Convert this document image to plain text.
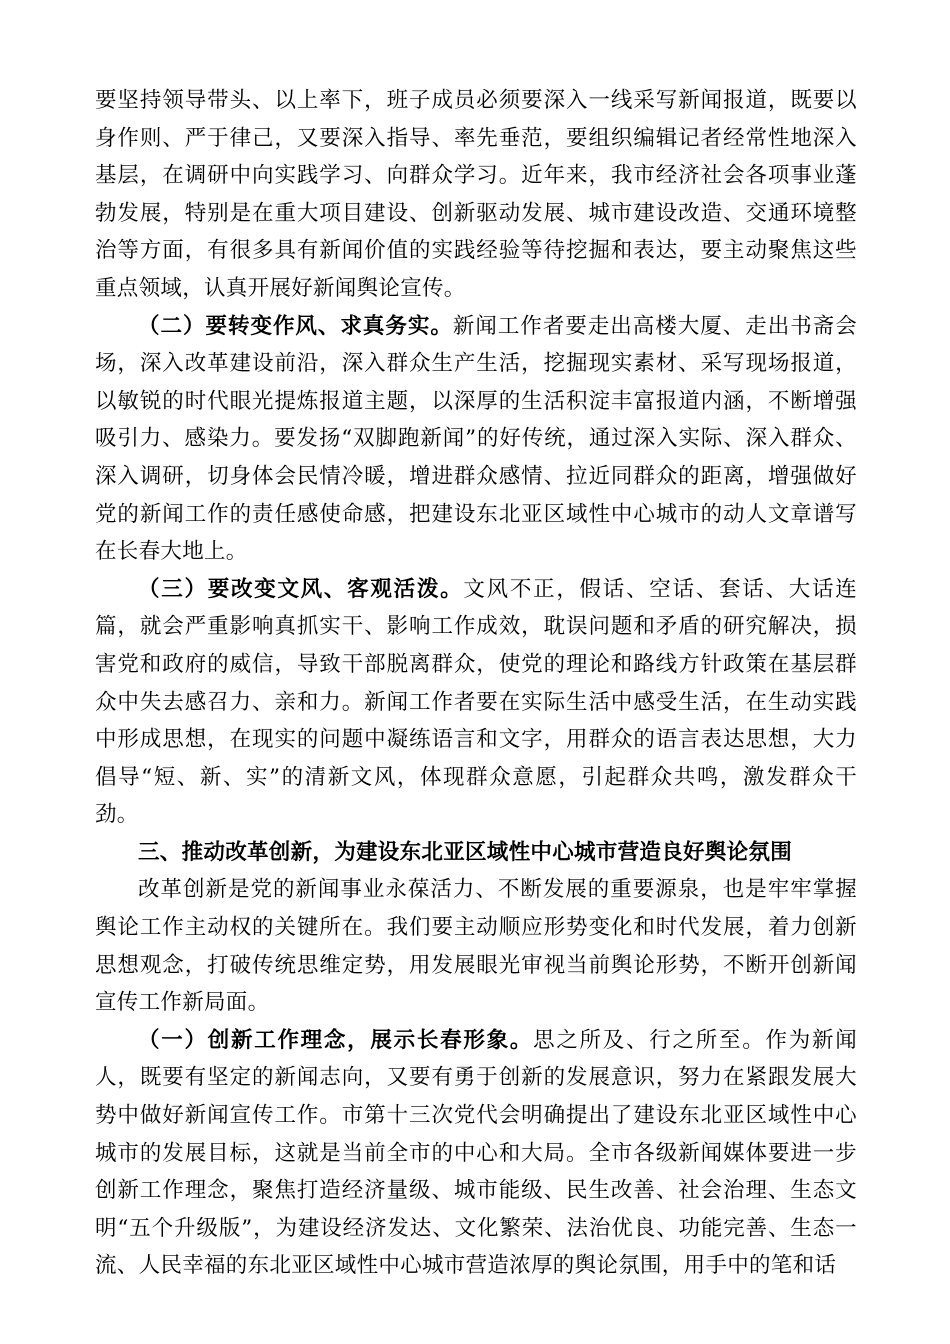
要坚持领导带头、以上率下，班子成员必须要深入一线采写新闻报道，既要以身作则、严于律己，又要深入指导、率先垂范，要组织编辑记者经常性地深入基层，在调研中向实践学习、向群众学习。近年来，我市经济社会各项事业蓬勃发展，特别是在重大项目建设、创新驱动发展、城市建设改造、交通环境整治等方面，有很多具有新闻价值的实践经验等待挖掘和表达，要主动聚焦这些重点领域，认真开展好新闻舆论宣传。

（二）要转变作风、求真务实。新闻工作者要走出高楼大厦、走出书斋会场，深入改革建设前沿，深入群众生产生活，挖掘现实素材、采写现场报道，以敏锐的时代眼光提炼报道主题，以深厚的生活积淀丰富报道内涵，不断增强吸引力、感染力。要发扬“双脚跑新闻”的好传统，通过深入实际、深入群众、深入调研，切身体会民情冷暖，增进群众感情、拉近同群众的距离，增强做好党的新闻工作的责任感使命感，把建设东北亚区域性中心城市的动人文章谱写在长春大地上。

（三）要改变文风、客观活泼。文风不正，假话、空话、套话、大话连篇，就会严重影响真抓实干、影响工作成效，耽误问题和矛盾的研究解决，损害党和政府的威信，导致干部脱离群众，使党的理论和路线方针政策在基层群众中失去感召力、亲和力。新闻工作者要在实际生活中感受生活，在生动实践中形成思想，在现实的问题中凝练语言和文字，用群众的语言表达思想，大力倡导“短、新、实”的清新文风，体现群众意愿，引起群众共鸣，激发群众干劲。

三、推动改革创新，为建设东北亚区域性中心城市营造良好舆论氛围

改革创新是党的新闻事业永葆活力、不断发展的重要源泉，也是牢牢掌握舆论工作主动权的关键所在。我们要主动顺应形势变化和时代发展，着力创新思想观念，打破传统思维定势，用发展眼光审视当前舆论形势，不断开创新闻宣传工作新局面。

（一）创新工作理念，展示长春形象。思之所及、行之所至。作为新闻人，既要有坚定的新闻志向，又要有勇于创新的发展意识，努力在紧跟发展大势中做好新闻宣传工作。市第十三次党代会明确提出了建设东北亚区域性中心城市的发展目标，这就是当前全市的中心和大局。全市各级新闻媒体要进一步创新工作理念，聚焦打造经济量级、城市能级、民生改善、社会治理、生态文明“五个升级版”，为建设经济发达、文化繁荣、法治优良、功能完善、生态一流、人民幸福的东北亚区域性中心城市营造浓厚的舆论氛围，用手中的笔和话
